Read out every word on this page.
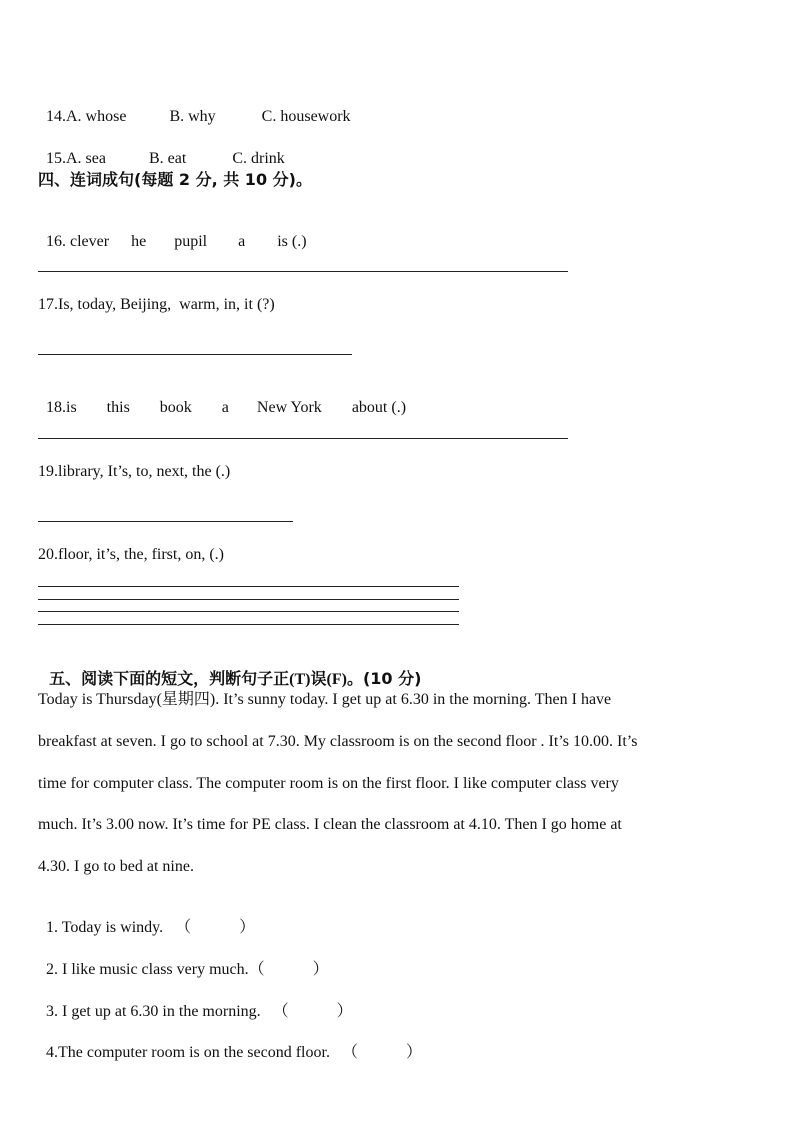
14.A. whose	B. why	C. housework

15.A. sea	B. eat	C. drink

四、连词成句(每题 2 分, 共 10 分)。

16. clever he pupil a is (.)

17.Is, today, Beijing,  warm, in, it (?)

18.is this book a New York about (.)

19.library, It’s, to, next, the (.)
20.floor, it’s, the, first, on, (.)

五、阅读下面的短文，判断句子正(T)误(F)。(10 分)

Today is Thursday(星期四). It’s sunny today. I get up at 6.30 in the morning. Then I have
breakfast at seven. I go to school at 7.30. My classroom is on the second floor . It’s 10.00. It’s
time for computer class. The computer room is on the first floor. I like computer class very
much. It’s 3.00 now. It’s time for PE class. I clean the classroom at 4.10. Then I go home at
4.30. I go to bed at nine.

1. Today is windy. （	）

2. I like music class very much.（	）

3. I get up at 6.30 in the morning. （	）

4.The computer room is on the second floor. （	）
